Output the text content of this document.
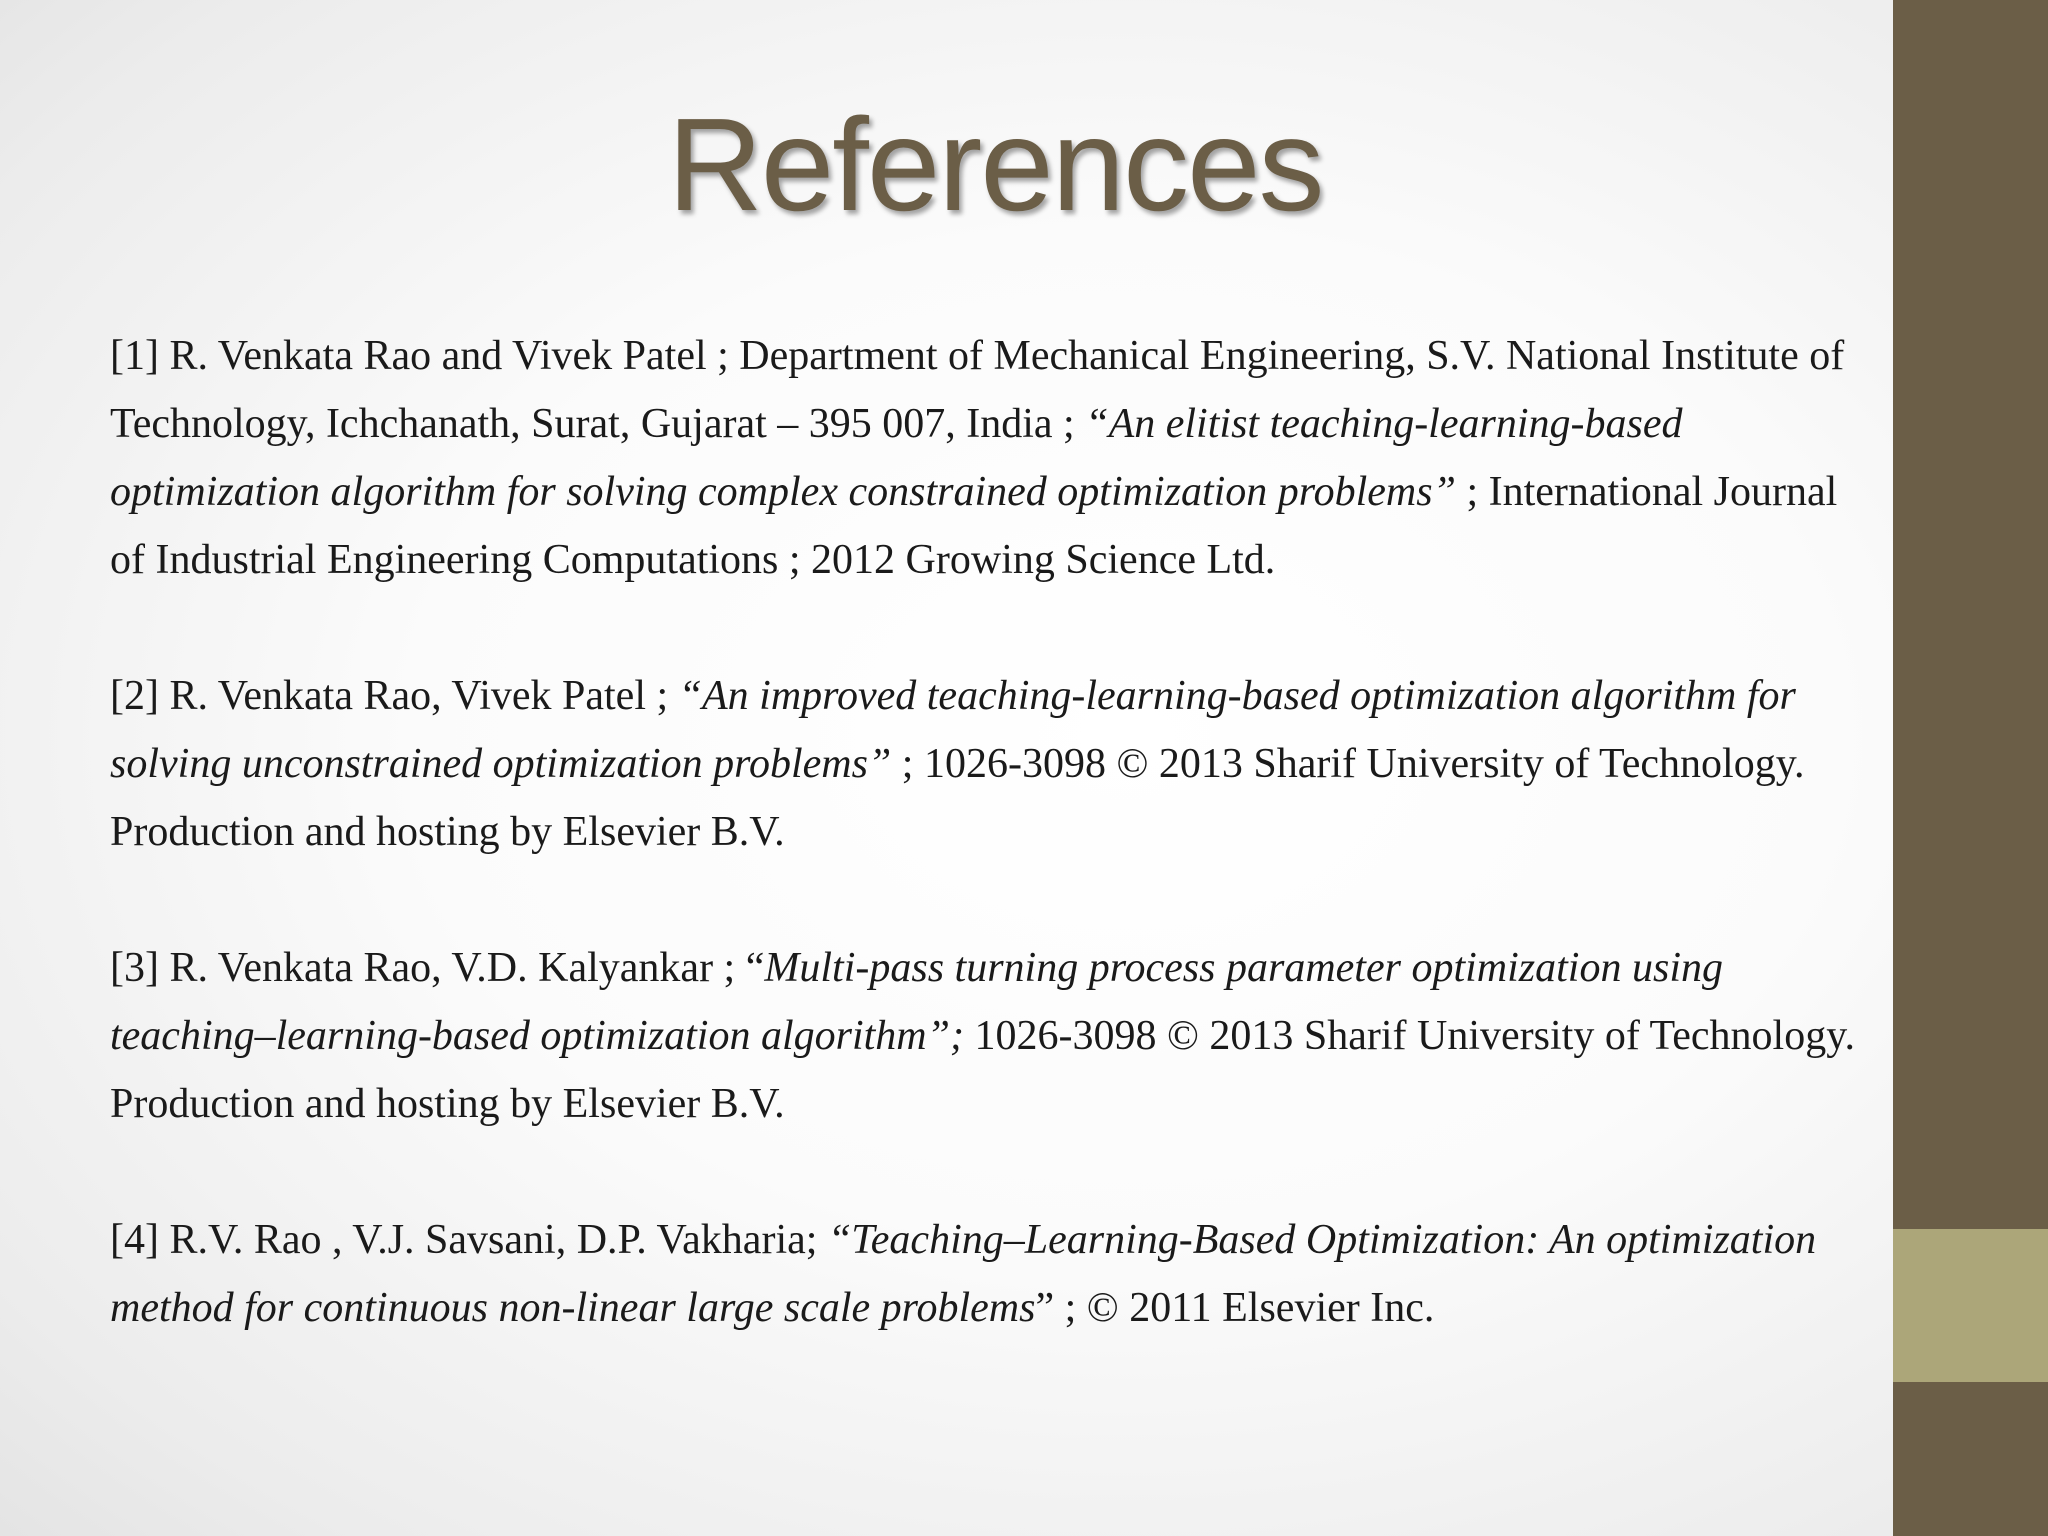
References

[1] R. Venkata Rao and Vivek Patel ; Department of Mechanical Engineering, S.V. National Institute of Technology, Ichchanath, Surat, Gujarat – 395 007, India ; “An elitist teaching-learning-based optimization algorithm for solving complex constrained optimization problems” ; International Journal of Industrial Engineering Computations ; 2012 Growing Science Ltd.

[2] R. Venkata Rao, Vivek Patel ; “An improved teaching-learning-based optimization algorithm for solving unconstrained optimization problems” ; 1026-3098 © 2013 Sharif University of Technology. Production and hosting by Elsevier B.V.

[3] R. Venkata Rao, V.D. Kalyankar ; “Multi-pass turning process parameter optimization using teaching–learning-based optimization algorithm”; 1026-3098 © 2013 Sharif University of Technology. Production and hosting by Elsevier B.V.

[4] R.V. Rao , V.J. Savsani, D.P. Vakharia; “Teaching–Learning-Based Optimization: An optimization method for continuous non-linear large scale problems” ; © 2011 Elsevier Inc.
